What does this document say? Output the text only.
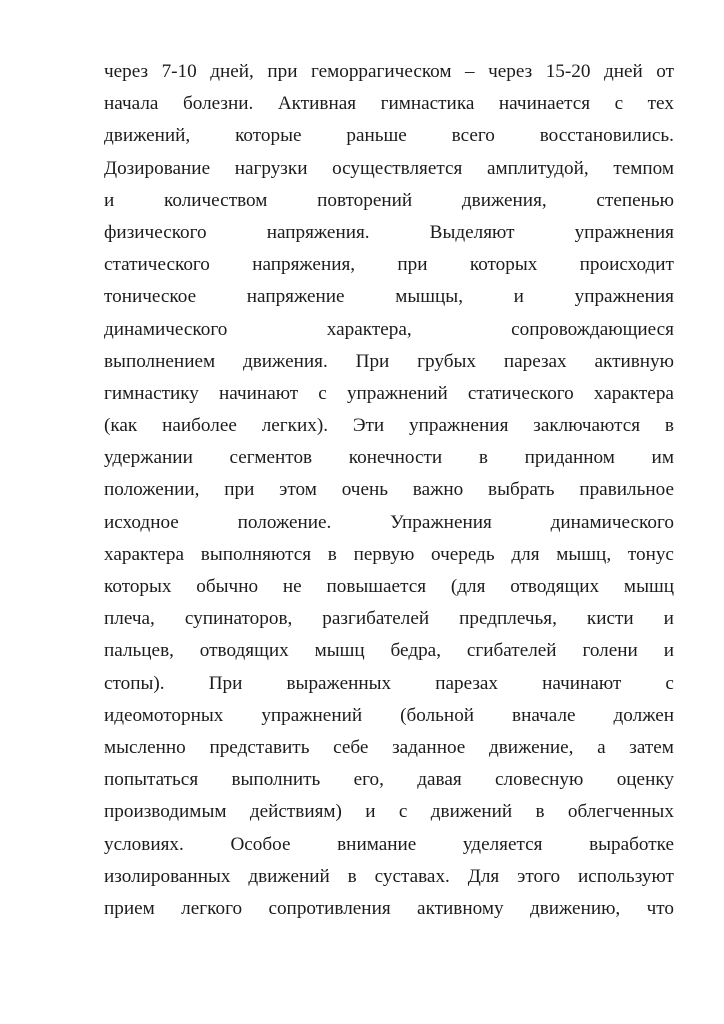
через 7-10 дней, при геморрагическом – через 15-20 дней от
начала болезни. Активная гимнастика начинается с тех
движений, которые раньше всего восстановились.
Дозирование нагрузки осуществляется амплитудой, темпом
и	количеством	повторений	движения,	степенью
физического	напряжения.	Выделяют	упражнения
статического напряжения, при которых происходит
тоническое	напряжение	мышцы,	и	упражнения
динамического	характера,	сопровождающиеся
выполнением движения. При грубых парезах активную
гимнастику начинают с упражнений статического характера
(как наиболее легких). Эти упражнения заключаются в
удержании сегментов конечности в приданном им
положении, при этом очень важно выбрать правильное
исходное	положение.	Упражнения	динамического
характера выполняются в первую очередь для мышц, тонус
которых обычно не повышается (для отводящих мышц
плеча, супинаторов, разгибателей предплечья, кисти и
пальцев, отводящих мышц бедра, сгибателей голени и
стопы). При выраженных парезах начинают с
идеомоторных упражнений (больной вначале должен
мысленно представить себе заданное движение, а затем
попытаться выполнить его, давая словесную оценку
производимым действиям) и с движений в облегченных
условиях. Особое внимание уделяется выработке
изолированных движений в суставах. Для этого используют
прием легкого сопротивления активному движению, что
